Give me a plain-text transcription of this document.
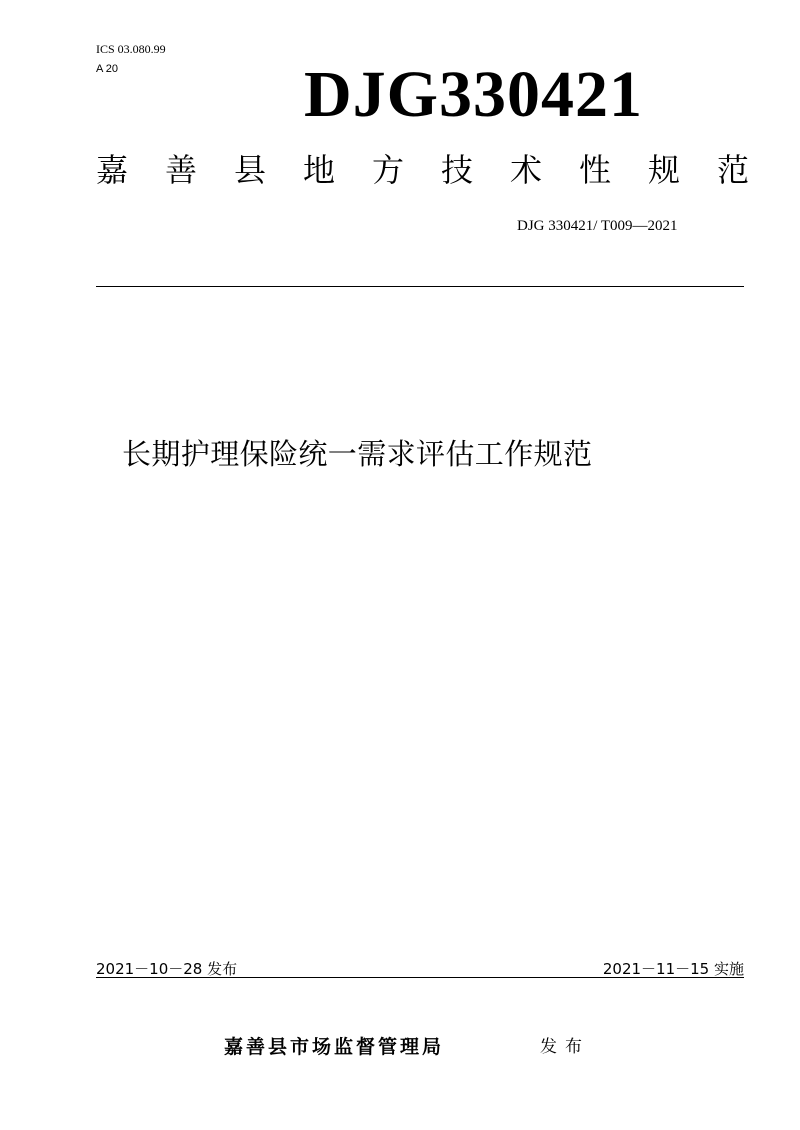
ICS 03.080.99
A 20	DJG330421
嘉善县地方技术性规范
DJG 330421/ T009—2021
长期护理保险统一需求评估工作规范
2021－10－28 发布	2021－11－15 实施
嘉善县市场监督管理局	发布
